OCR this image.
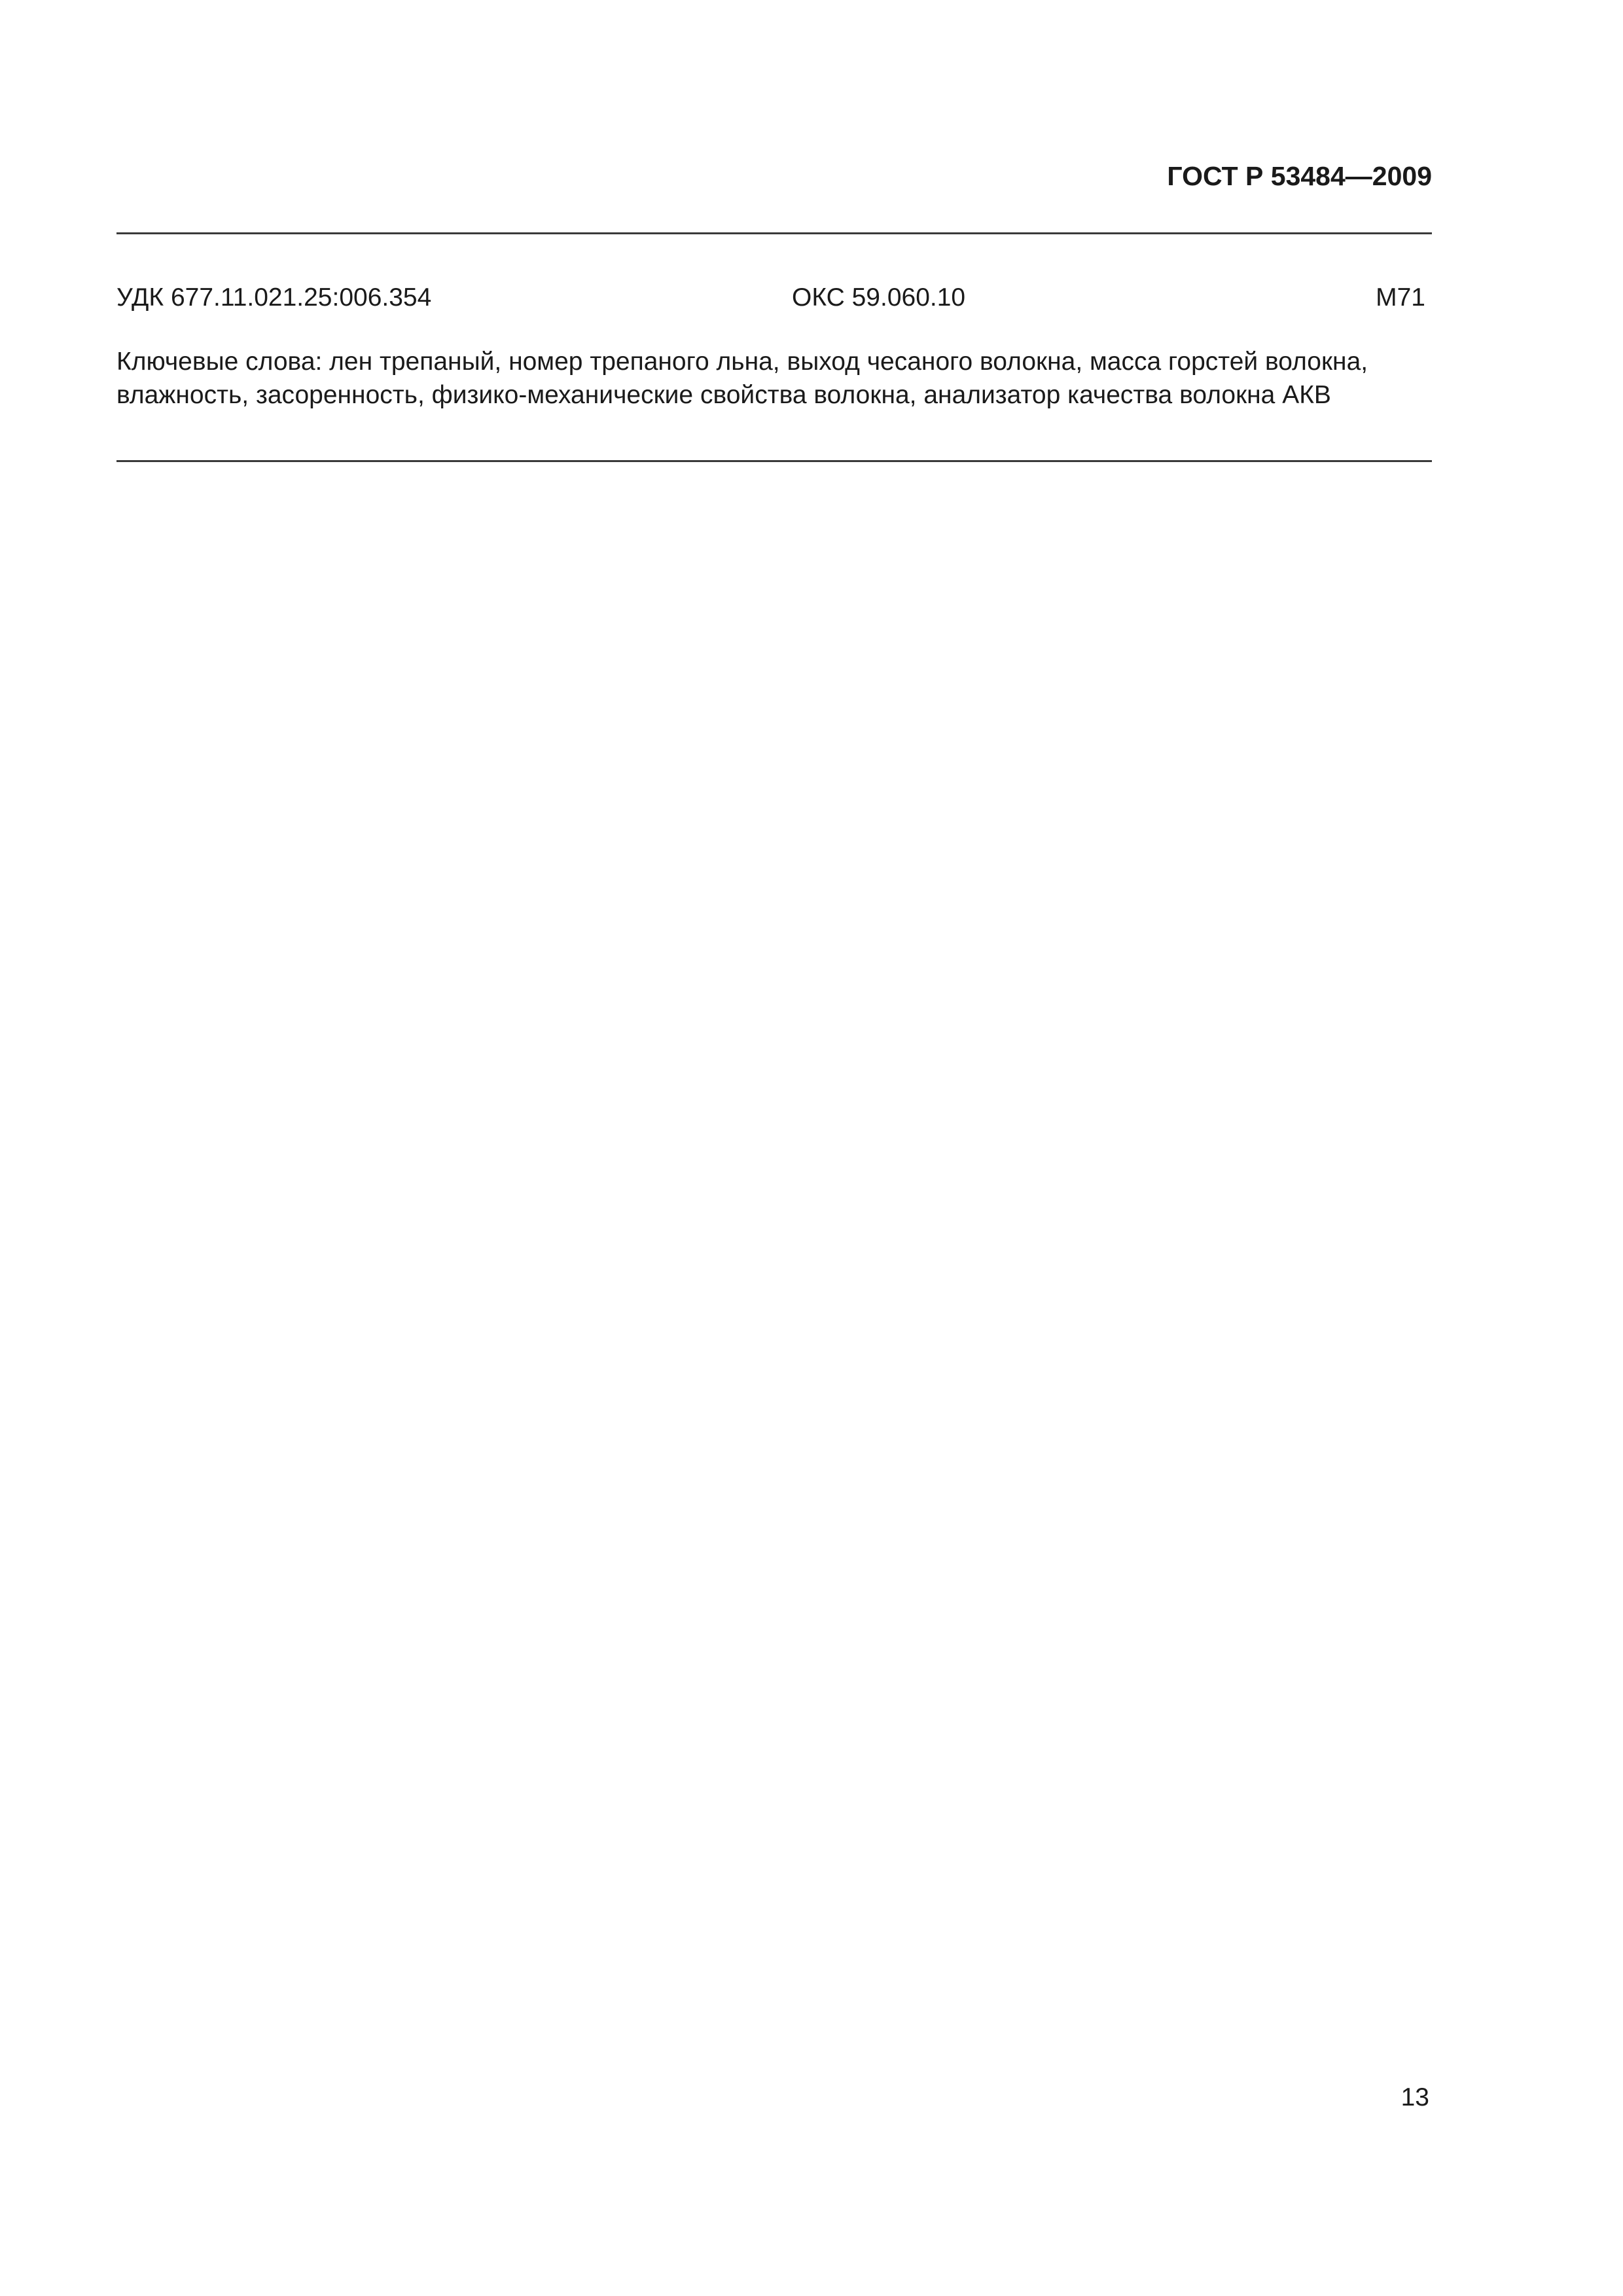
ГОСТ Р 53484—2009
УДК 677.11.021.25:006.354	ОКС 59.060.10	М71
Ключевые слова: лен трепаный, номер трепаного льна, выход чесаного волокна, масса горстей волокна,
влажность, засоренность, физико-механические свойства волокна, анализатор качества волокна АКВ
13
